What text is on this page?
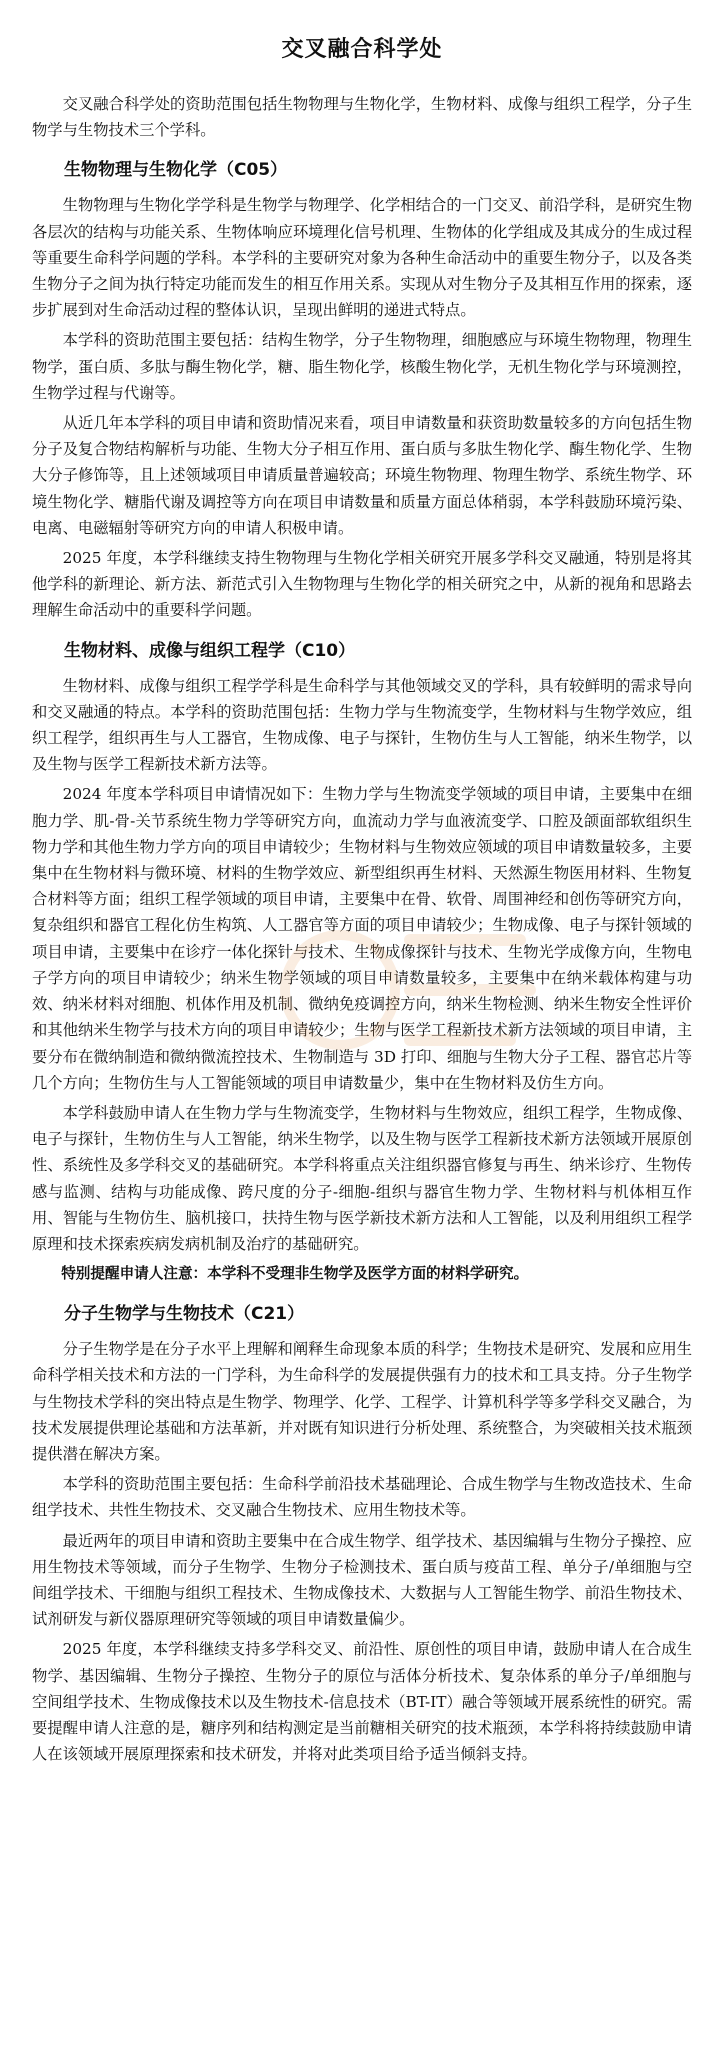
交叉融合科学处

交叉融合科学处的资助范围包括生物物理与生物化学，生物材料、成像与组织工程学，分子生物学与生物技术三个学科。

生物物理与生物化学（C05）

生物物理与生物化学学科是生物学与物理学、化学相结合的一门交叉、前沿学科，是研究生物各层次的结构与功能关系、生物体响应环境理化信号机理、生物体的化学组成及其成分的生成过程等重要生命科学问题的学科。本学科的主要研究对象为各种生命活动中的重要生物分子，以及各类生物分子之间为执行特定功能而发生的相互作用关系。实现从对生物分子及其相互作用的探索，逐步扩展到对生命活动过程的整体认识，呈现出鲜明的递进式特点。

本学科的资助范围主要包括：结构生物学，分子生物物理，细胞感应与环境生物物理，物理生物学，蛋白质、多肽与酶生物化学，糖、脂生物化学，核酸生物化学，无机生物化学与环境测控，生物学过程与代谢等。

从近几年本学科的项目申请和资助情况来看，项目申请数量和获资助数量较多的方向包括生物分子及复合物结构解析与功能、生物大分子相互作用、蛋白质与多肽生物化学、酶生物化学、生物大分子修饰等，且上述领域项目申请质量普遍较高；环境生物物理、物理生物学、系统生物学、环境生物化学、糖脂代谢及调控等方向在项目申请数量和质量方面总体稍弱，本学科鼓励环境污染、电离、电磁辐射等研究方向的申请人积极申请。

2025 年度，本学科继续支持生物物理与生物化学相关研究开展多学科交叉融通，特别是将其他学科的新理论、新方法、新范式引入生物物理与生物化学的相关研究之中，从新的视角和思路去理解生命活动中的重要科学问题。

生物材料、成像与组织工程学（C10）

生物材料、成像与组织工程学学科是生命科学与其他领域交叉的学科，具有较鲜明的需求导向和交叉融通的特点。本学科的资助范围包括：生物力学与生物流变学，生物材料与生物学效应，组织工程学，组织再生与人工器官，生物成像、电子与探针，生物仿生与人工智能，纳米生物学，以及生物与医学工程新技术新方法等。

2024 年度本学科项目申请情况如下：生物力学与生物流变学领域的项目申请，主要集中在细胞力学、肌-骨-关节系统生物力学等研究方向，血流动力学与血液流变学、口腔及颌面部软组织生物力学和其他生物力学方向的项目申请较少；生物材料与生物效应领域的项目申请数量较多，主要集中在生物材料与微环境、材料的生物学效应、新型组织再生材料、天然源生物医用材料、生物复合材料等方面；组织工程学领域的项目申请，主要集中在骨、软骨、周围神经和创伤等研究方向，复杂组织和器官工程化仿生构筑、人工器官等方面的项目申请较少；生物成像、电子与探针领域的项目申请，主要集中在诊疗一体化探针与技术、生物成像探针与技术、生物光学成像方向，生物电子学方向的项目申请较少；纳米生物学领域的项目申请数量较多，主要集中在纳米载体构建与功效、纳米材料对细胞、机体作用及机制、微纳免疫调控方向，纳米生物检测、纳米生物安全性评价和其他纳米生物学与技术方向的项目申请较少；生物与医学工程新技术新方法领域的项目申请，主要分布在微纳制造和微纳微流控技术、生物制造与 3D 打印、细胞与生物大分子工程、器官芯片等几个方向；生物仿生与人工智能领域的项目申请数量少，集中在生物材料及仿生方向。

本学科鼓励申请人在生物力学与生物流变学，生物材料与生物效应，组织工程学，生物成像、电子与探针，生物仿生与人工智能，纳米生物学，以及生物与医学工程新技术新方法领域开展原创性、系统性及多学科交叉的基础研究。本学科将重点关注组织器官修复与再生、纳米诊疗、生物传感与监测、结构与功能成像、跨尺度的分子-细胞-组织与器官生物力学、生物材料与机体相互作用、智能与生物仿生、脑机接口，扶持生物与医学新技术新方法和人工智能，以及利用组织工程学原理和技术探索疾病发病机制及治疗的基础研究。

特别提醒申请人注意：本学科不受理非生物学及医学方面的材料学研究。
分子生物学与生物技术（C21）

分子生物学是在分子水平上理解和阐释生命现象本质的科学；生物技术是研究、发展和应用生命科学相关技术和方法的一门学科，为生命科学的发展提供强有力的技术和工具支持。分子生物学与生物技术学科的突出特点是生物学、物理学、化学、工程学、计算机科学等多学科交叉融合，为技术发展提供理论基础和方法革新，并对既有知识进行分析处理、系统整合，为突破相关技术瓶颈提供潜在解决方案。

本学科的资助范围主要包括：生命科学前沿技术基础理论、合成生物学与生物改造技术、生命组学技术、共性生物技术、交叉融合生物技术、应用生物技术等。

最近两年的项目申请和资助主要集中在合成生物学、组学技术、基因编辑与生物分子操控、应用生物技术等领域，而分子生物学、生物分子检测技术、蛋白质与疫苗工程、单分子/单细胞与空间组学技术、干细胞与组织工程技术、生物成像技术、大数据与人工智能生物学、前沿生物技术、试剂研发与新仪器原理研究等领域的项目申请数量偏少。

2025 年度，本学科继续支持多学科交叉、前沿性、原创性的项目申请，鼓励申请人在合成生物学、基因编辑、生物分子操控、生物分子的原位与活体分析技术、复杂体系的单分子/单细胞与空间组学技术、生物成像技术以及生物技术-信息技术（BT-IT）融合等领域开展系统性的研究。需要提醒申请人注意的是，糖序列和结构测定是当前糖相关研究的技术瓶颈，本学科将持续鼓励申请人在该领域开展原理探索和技术研发，并将对此类项目给予适当倾斜支持。
